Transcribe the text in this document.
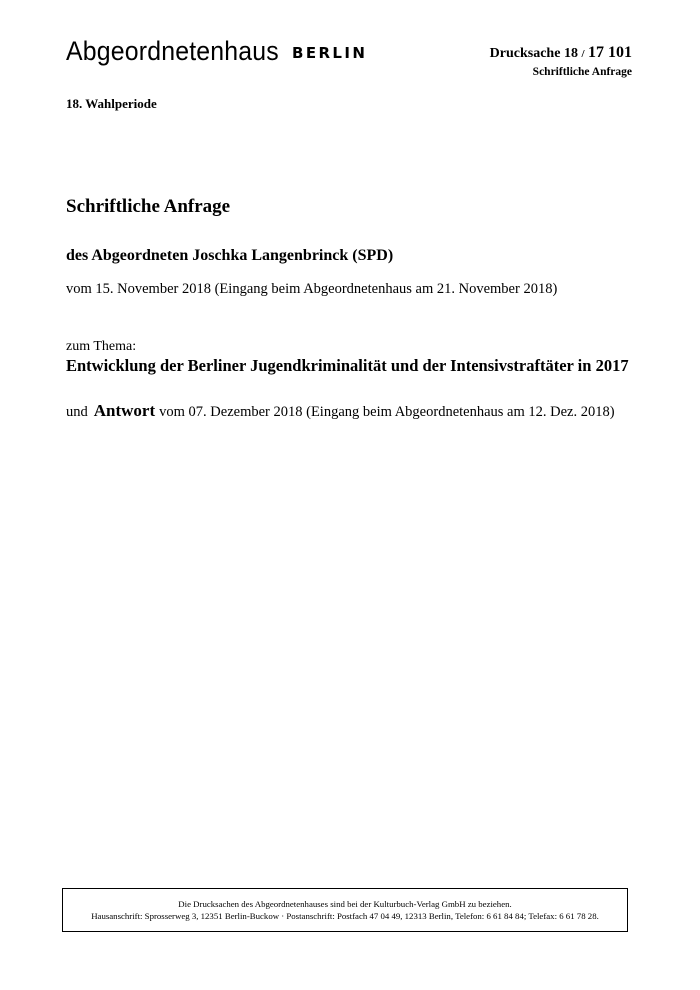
Abgeordnetenhaus BERLIN	Drucksache 18 / 17 101
Schriftliche Anfrage
18. Wahlperiode
Schriftliche Anfrage
des Abgeordneten Joschka Langenbrinck (SPD)
vom 15. November 2018 (Eingang beim Abgeordnetenhaus am 21. November 2018)
zum Thema:
Entwicklung der Berliner Jugendkriminalität und der Intensivstraftäter in 2017
und Antwort vom 07. Dezember 2018 (Eingang beim Abgeordnetenhaus am 12. Dez. 2018)
Die Drucksachen des Abgeordnetenhauses sind bei der Kulturbuch-Verlag GmbH zu beziehen.
Hausanschrift: Sprosserweg 3, 12351 Berlin-Buckow · Postanschrift: Postfach 47 04 49, 12313 Berlin, Telefon: 6 61 84 84; Telefax: 6 61 78 28.
